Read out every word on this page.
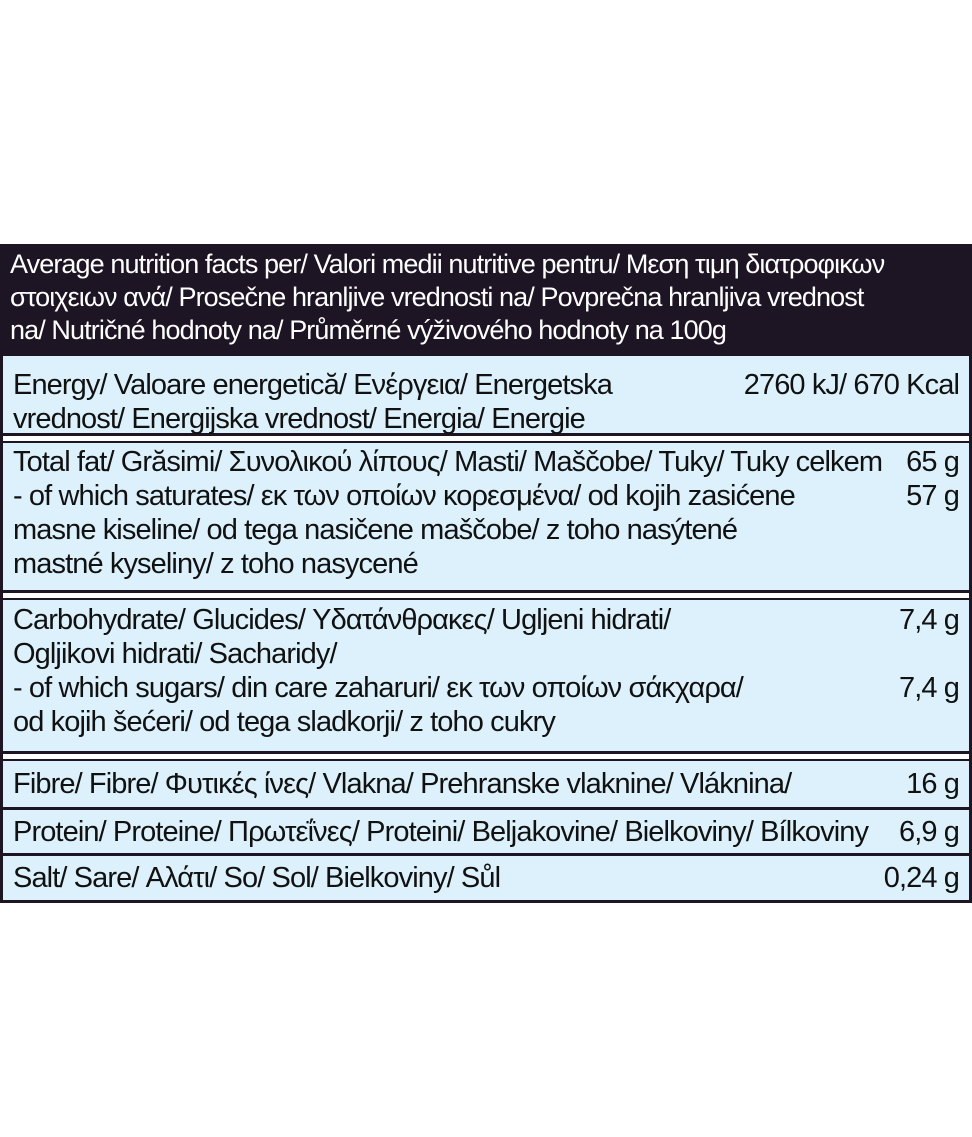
Average nutrition facts per/ Valori medii nutritive pentru/ Μεση τιμη διατροφικων
στοιχειων ανά/ Prosečne hranljive vrednosti na/ Povprečna hranljiva vrednost
na/ Nutričné hodnoty na/ Průměrné výživového hodnoty na 100g
Energy/ Valoare energetică/ Ενέργεια/ Energetska	2760 kJ/ 670 Kcal
vrednost/ Energijska vrednost/ Energia/ Energie
Total fat/ Grăsimi/ Συνολικού λίπους/ Masti/ Maščobe/ Tuky/ Tuky celkem 65 g
- of which saturates/ εκ των οποίων κορεσμένα/ od kojih zasićene	57 g
masne kiseline/ od tega nasičene maščobe/ z toho nasýtené
mastné kyseliny/ z toho nasycené
Carbohydrate/ Glucides/ Υδατάνθρακες/ Ugljeni hidrati/	7,4 g
Ogljikovi hidrati/ Sacharidy/
- of which sugars/ din care zaharuri/ εκ των οποίων σάκχαρα/	7,4 g
od kojih šećeri/ od tega sladkorji/ z toho cukry
Fibre/ Fibre/ Φυτικές ίνες/ Vlakna/ Prehranske vlaknine/ Vláknina/	16 g
Protein/ Proteine/ Πρωτεΐνες/ Proteini/ Beljakovine/ Bielkoviny/ Bílkoviny 6,9 g
Salt/ Sare/ Αλάτι/ So/ Sol/ Bielkoviny/ Sůl	0,24 g
